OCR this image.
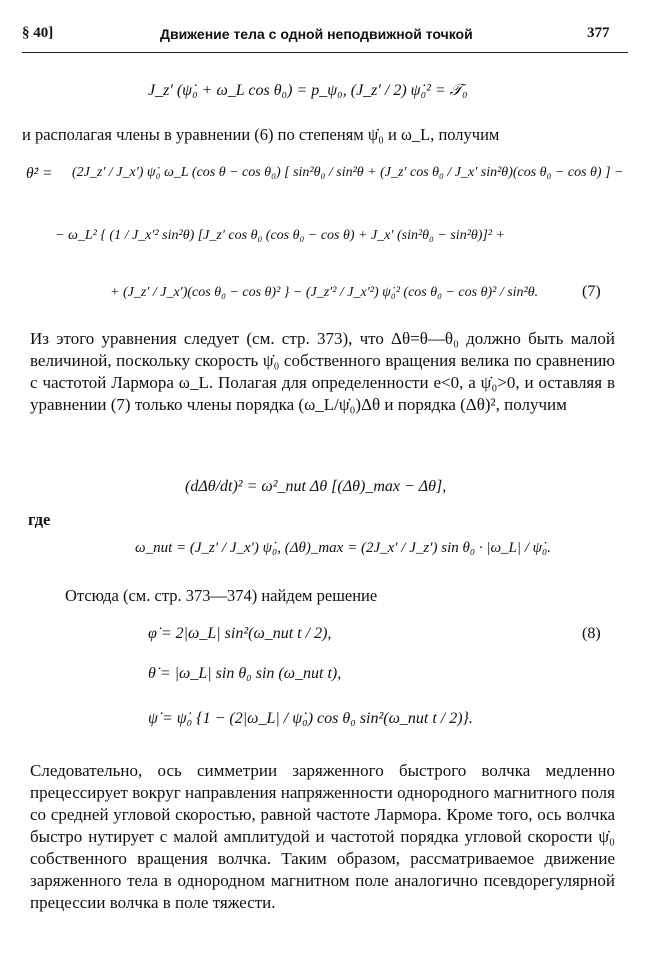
§ 40]	Движение тела с одной неподвижной точкой	377
J_z′ (ψ̇₀ + ω_L cos θ₀) = p_ψ₀, (J_z′ / 2) ψ̇₀² = 𝒯₀
и располагая члены в уравнении (6) по степеням ψ̇₀ и ω_L, получим
θ̇² = (2J_z′ / J_x′) ψ̇₀ ω_L (cos θ − cos θ₀) [ sin²θ₀ / sin²θ + (J_z′ cos θ₀ / J_x′ sin²θ)(cos θ₀ − cos θ) ] −
− ω_L² { (1 / J_x′² sin²θ) [J_z′ cos θ₀ (cos θ₀ − cos θ) + J_x′ (sin²θ₀ − sin²θ)]² +
+ (J_z′ / J_x′)(cos θ₀ − cos θ)² } − (J_z′² / J_x′²) ψ̇₀² (cos θ₀ − cos θ)² / sin²θ.	(7)
Из этого уравнения следует (см. стр. 373), что Δθ=θ—θ₀ должно быть малой величиной, поскольку скорость ψ̇₀ собственного вращения велика по сравнению с частотой Лармора ω_L. Полагая для определенности e<0, а ψ̇₀>0, и оставляя в уравнении (7) только члены порядка (ω_L/ψ̇₀)Δθ и порядка (Δθ)², получим
(dΔθ/dt)² = ω²_nut Δθ [(Δθ)_max − Δθ],
где
ω_nut = (J_z′ / J_x′) ψ̇₀, (Δθ)_max = (2J_x′ / J_z′) sin θ₀ · |ω_L| / ψ̇₀.
Отсюда (см. стр. 373—374) найдем решение
φ̇ = 2|ω_L| sin²(ω_nut t / 2),	(8)
θ̇ = |ω_L| sin θ₀ sin (ω_nut t),
ψ̇ = ψ̇₀ {1 − (2|ω_L| / ψ̇₀) cos θ₀ sin²(ω_nut t / 2)}.
Следовательно, ось симметрии заряженного быстрого волчка медленно прецессирует вокруг направления напряженности однородного магнитного поля со средней угловой скоростью, равной частоте Лармора. Кроме того, ось волчка быстро нутирует с малой амплитудой и частотой порядка угловой скорости ψ̇₀ собственного вращения волчка. Таким образом, рассматриваемое движение заряженного тела в однородном магнитном поле аналогично псевдорегулярной прецессии волчка в поле тяжести.
